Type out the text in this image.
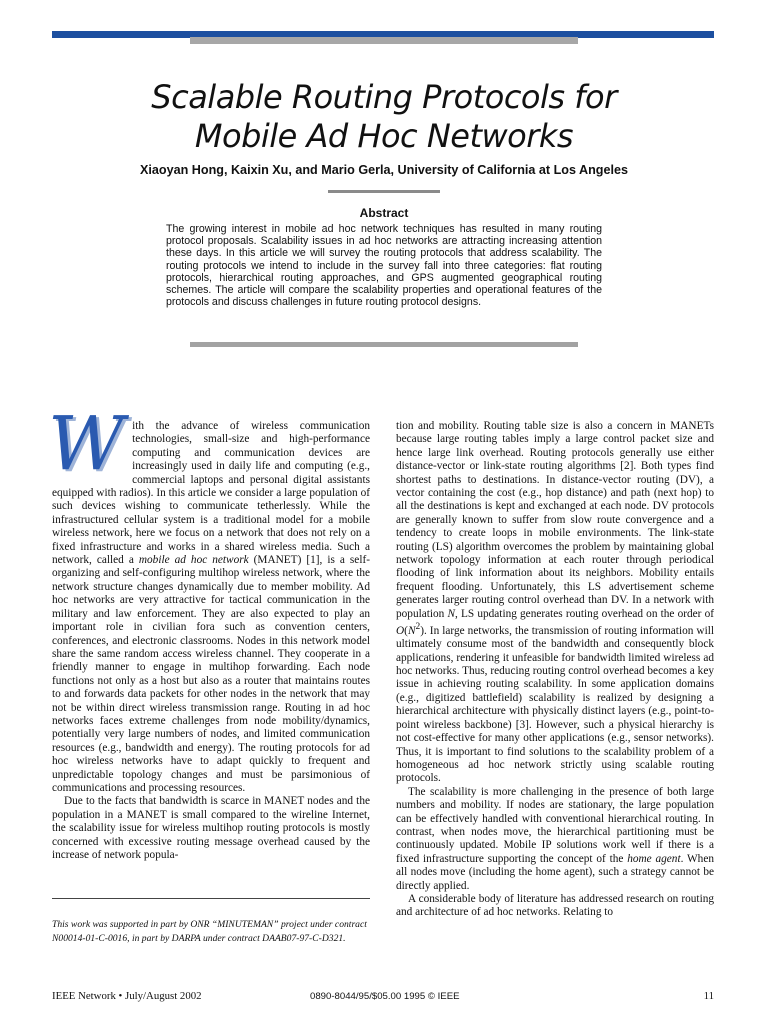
Scalable Routing Protocols for
Mobile Ad Hoc Networks
Xiaoyan Hong, Kaixin Xu, and Mario Gerla, University of California at Los Angeles
Abstract
The growing interest in mobile ad hoc network techniques has resulted in many routing protocol proposals. Scalability issues in ad hoc networks are attracting increasing attention these days. In this article we will survey the routing protocols that address scalability. The routing protocols we intend to include in the survey fall into three categories: flat routing protocols, hierarchical routing approaches, and GPS augmented geographical routing schemes. The article will compare the scalability properties and operational features of the protocols and discuss challenges in future routing protocol designs.

With the advance of wireless communication technologies, small-size and high-performance computing and communication devices are increasingly used in daily life and computing (e.g., commercial laptops and personal digital assistants equipped with radios). In this article we consider a large population of such devices wishing to communicate tetherlessly. While the infrastructured cellular system is a traditional model for a mobile wireless network, here we focus on a network that does not rely on a fixed infrastructure and works in a shared wireless media. Such a network, called a mobile ad hoc network (MANET) [1], is a self-organizing and self-configuring multihop wireless network, where the network structure changes dynamically due to member mobility. Ad hoc networks are very attractive for tactical communication in the military and law enforcement. They are also expected to play an important role in civilian fora such as convention centers, conferences, and electronic classrooms. Nodes in this network model share the same random access wireless channel. They cooperate in a friendly manner to engage in multihop forwarding. Each node functions not only as a host but also as a router that maintains routes to and forwards data packets for other nodes in the network that may not be within direct wireless transmission range. Routing in ad hoc networks faces extreme challenges from node mobility/dynamics, potentially very large numbers of nodes, and limited communication resources (e.g., bandwidth and energy). The routing protocols for ad hoc wireless networks have to adapt quickly to frequent and unpredictable topology changes and must be parsimonious of communications and processing resources.

Due to the facts that bandwidth is scarce in MANET nodes and the population in a MANET is small compared to the wireline Internet, the scalability issue for wireless multihop routing protocols is mostly concerned with excessive routing message overhead caused by the increase of network popula-

tion and mobility. Routing table size is also a concern in MANETs because large routing tables imply a large control packet size and hence large link overhead. Routing protocols generally use either distance-vector or link-state routing algorithms [2]. Both types find shortest paths to destinations. In distance-vector routing (DV), a vector containing the cost (e.g., hop distance) and path (next hop) to all the destinations is kept and exchanged at each node. DV protocols are generally known to suffer from slow route convergence and a tendency to create loops in mobile environments. The link-state routing (LS) algorithm overcomes the problem by maintaining global network topology information at each router through periodical flooding of link information about its neighbors. Mobility entails frequent flooding. Unfortunately, this LS advertisement scheme generates larger routing control overhead than DV. In a network with population N, LS updating generates routing overhead on the order of $O(N^2)$. In large networks, the transmission of routing information will ultimately consume most of the bandwidth and consequently block applications, rendering it unfeasible for bandwidth limited wireless ad hoc networks. Thus, reducing routing control overhead becomes a key issue in achieving routing scalability. In some application domains (e.g., digitized battlefield) scalability is realized by designing a hierarchical architecture with physically distinct layers (e.g., point-to-point wireless backbone) [3]. However, such a physical hierarchy is not cost-effective for many other applications (e.g., sensor networks). Thus, it is important to find solutions to the scalability problem of a homogeneous ad hoc network strictly using scalable routing protocols.

The scalability is more challenging in the presence of both large numbers and mobility. If nodes are stationary, the large population can be effectively handled with conventional hierarchical routing. In contrast, when nodes move, the hierarchical partitioning must be continuously updated. Mobile IP solutions work well if there is a fixed infrastructure supporting the concept of the home agent. When all nodes move (including the home agent), such a strategy cannot be directly applied.

A considerable body of literature has addressed research on routing and architecture of ad hoc networks. Relating to

This work was supported in part by ONR “MINUTEMAN” project under contract N00014-01-C-0016, in part by DARPA under contract DAAB07-97-C-D321.
IEEE Network • July/August 2002	0890-8044/95/$05.00 1995 © IEEE	11
